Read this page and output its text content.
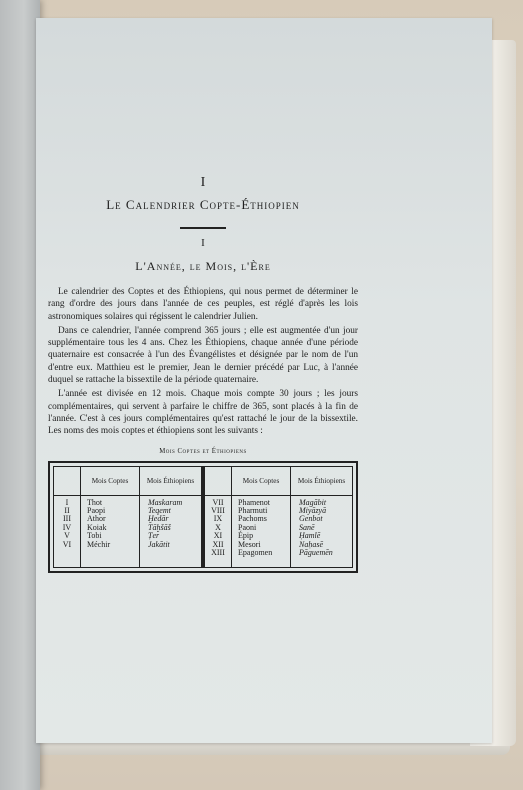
I
Le Calendrier Copte-Éthiopien
I
L'Année, le Mois, l'Ère

Le calendrier des Coptes et des Éthiopiens, qui nous permet de déterminer le rang d'ordre des jours dans l'année de ces peuples, est réglé d'après les lois astronomiques solaires qui régissent le calendrier Julien.

Dans ce calendrier, l'année comprend 365 jours ; elle est augmentée d'un jour supplémentaire tous les 4 ans. Chez les Éthiopiens, chaque année d'une période quaternaire est consacrée à l'un des Évangélistes et désignée par le nom de l'un d'entre eux. Matthieu est le premier, Jean le dernier précédé par Luc, à l'année duquel se rattache la bissextile de la période quaternaire.

L'année est divisée en 12 mois. Chaque mois compte 30 jours ; les jours complémentaires, qui servent à parfaire le chiffre de 365, sont placés à la fin de l'année. C'est à ces jours complémentaires qu'est rattaché le jour de la bissextile. Les noms des mois coptes et éthiopiens sont les suivants :

Mois Coptes et Éthiopiens
I
II
III
IV
V
VI
Mois Coptes
Thot
Paopi
Athor
Koiak
Tobi
Méchir
Mois Éthiopiens
Maskaram
Teqemt
Ḫedār
Tāḫšāš
Ṭer
Jakātit
VII
VIII
IX
X
XI
XII
XIII
Mois Coptes
Phamenot
Pharmuti
Pachoms
Paoni
Épip
Mesori
Epagomen
Mois Éthiopiens
Magābit
Miyāzyā
Genbot
Sanē
Ḥamlē
Naḥasē
Pāguemēn
